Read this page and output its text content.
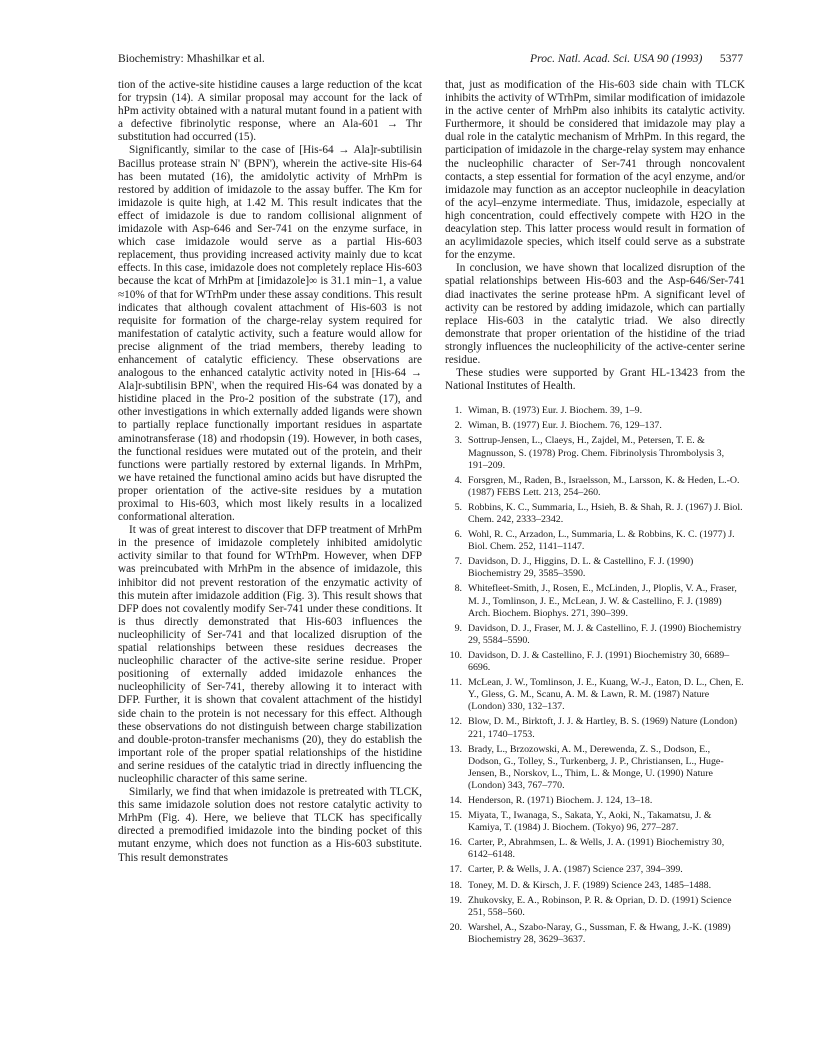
Biochemistry: Mhashilkar et al.	Proc. Natl. Acad. Sci. USA 90 (1993) 5377

tion of the active-site histidine causes a large reduction of the kcat for trypsin (14). A similar proposal may account for the lack of hPm activity obtained with a natural mutant found in a patient with a defective fibrinolytic response, where an Ala-601 → Thr substitution had occurred (15).

Significantly, similar to the case of [His-64 → Ala]r-subtilisin Bacillus protease strain N' (BPN'), wherein the active-site His-64 has been mutated (16), the amidolytic activity of MrhPm is restored by addition of imidazole to the assay buffer. The Km for imidazole is quite high, at 1.42 M. This result indicates that the effect of imidazole is due to random collisional alignment of imidazole with Asp-646 and Ser-741 on the enzyme surface, in which case imidazole would serve as a partial His-603 replacement, thus providing increased activity mainly due to kcat effects. In this case, imidazole does not completely replace His-603 because the kcat of MrhPm at [imidazole]∞ is 31.1 min−1, a value ≈10% of that for WTrhPm under these assay conditions. This result indicates that although covalent attachment of His-603 is not requisite for formation of the charge-relay system required for manifestation of catalytic activity, such a feature would allow for precise alignment of the triad members, thereby leading to enhancement of catalytic efficiency. These observations are analogous to the enhanced catalytic activity noted in [His-64 → Ala]r-subtilisin BPN', when the required His-64 was donated by a histidine placed in the Pro-2 position of the substrate (17), and other investigations in which externally added ligands were shown to partially replace functionally important residues in aspartate aminotransferase (18) and rhodopsin (19). However, in both cases, the functional residues were mutated out of the protein, and their functions were partially restored by external ligands. In MrhPm, we have retained the functional amino acids but have disrupted the proper orientation of the active-site residues by a mutation proximal to His-603, which most likely results in a localized conformational alteration.

It was of great interest to discover that DFP treatment of MrhPm in the presence of imidazole completely inhibited amidolytic activity similar to that found for WTrhPm. However, when DFP was preincubated with MrhPm in the absence of imidazole, this inhibitor did not prevent restoration of the enzymatic activity of this mutein after imidazole addition (Fig. 3). This result shows that DFP does not covalently modify Ser-741 under these conditions. It is thus directly demonstrated that His-603 influences the nucleophilicity of Ser-741 and that localized disruption of the spatial relationships between these residues decreases the nucleophilic character of the active-site serine residue. Proper positioning of externally added imidazole enhances the nucleophilicity of Ser-741, thereby allowing it to interact with DFP. Further, it is shown that covalent attachment of the histidyl side chain to the protein is not necessary for this effect. Although these observations do not distinguish between charge stabilization and double-proton-transfer mechanisms (20), they do establish the important role of the proper spatial relationships of the histidine and serine residues of the catalytic triad in directly influencing the nucleophilic character of this same serine.

Similarly, we find that when imidazole is pretreated with TLCK, this same imidazole solution does not restore catalytic activity to MrhPm (Fig. 4). Here, we believe that TLCK has specifically directed a premodified imidazole into the binding pocket of this mutant enzyme, which does not function as a His-603 substitute. This result demonstrates

that, just as modification of the His-603 side chain with TLCK inhibits the activity of WTrhPm, similar modification of imidazole in the active center of MrhPm also inhibits its catalytic activity. Furthermore, it should be considered that imidazole may play a dual role in the catalytic mechanism of MrhPm. In this regard, the participation of imidazole in the charge-relay system may enhance the nucleophilic character of Ser-741 through noncovalent contacts, a step essential for formation of the acyl enzyme, and/or imidazole may function as an acceptor nucleophile in deacylation of the acyl–enzyme intermediate. Thus, imidazole, especially at high concentration, could effectively compete with H2O in the deacylation step. This latter process would result in formation of an acylimidazole species, which itself could serve as a substrate for the enzyme.

In conclusion, we have shown that localized disruption of the spatial relationships between His-603 and the Asp-646/Ser-741 diad inactivates the serine protease hPm. A significant level of activity can be restored by adding imidazole, which can partially replace His-603 in the catalytic triad. We also directly demonstrate that proper orientation of the histidine of the triad strongly influences the nucleophilicity of the active-center serine residue.

These studies were supported by Grant HL-13423 from the National Institutes of Health.

1. Wiman, B. (1973) Eur. J. Biochem. 39, 1–9.
2. Wiman, B. (1977) Eur. J. Biochem. 76, 129–137.
3. Sottrup-Jensen, L., Claeys, H., Zajdel, M., Petersen, T. E. & Magnusson, S. (1978) Prog. Chem. Fibrinolysis Thrombolysis 3, 191–209.
4. Forsgren, M., Raden, B., Israelsson, M., Larsson, K. & Heden, L.-O. (1987) FEBS Lett. 213, 254–260.
5. Robbins, K. C., Summaria, L., Hsieh, B. & Shah, R. J. (1967) J. Biol. Chem. 242, 2333–2342.
6. Wohl, R. C., Arzadon, L., Summaria, L. & Robbins, K. C. (1977) J. Biol. Chem. 252, 1141–1147.
7. Davidson, D. J., Higgins, D. L. & Castellino, F. J. (1990) Biochemistry 29, 3585–3590.
8. Whitefleet-Smith, J., Rosen, E., McLinden, J., Ploplis, V. A., Fraser, M. J., Tomlinson, J. E., McLean, J. W. & Castellino, F. J. (1989) Arch. Biochem. Biophys. 271, 390–399.
9. Davidson, D. J., Fraser, M. J. & Castellino, F. J. (1990) Biochemistry 29, 5584–5590.
10. Davidson, D. J. & Castellino, F. J. (1991) Biochemistry 30, 6689–6696.
11. McLean, J. W., Tomlinson, J. E., Kuang, W.-J., Eaton, D. L., Chen, E. Y., Gless, G. M., Scanu, A. M. & Lawn, R. M. (1987) Nature (London) 330, 132–137.
12. Blow, D. M., Birktoft, J. J. & Hartley, B. S. (1969) Nature (London) 221, 1740–1753.
13. Brady, L., Brzozowski, A. M., Derewenda, Z. S., Dodson, E., Dodson, G., Tolley, S., Turkenberg, J. P., Christiansen, L., Huge-Jensen, B., Norskov, L., Thim, L. & Monge, U. (1990) Nature (London) 343, 767–770.
14. Henderson, R. (1971) Biochem. J. 124, 13–18.
15. Miyata, T., Iwanaga, S., Sakata, Y., Aoki, N., Takamatsu, J. & Kamiya, T. (1984) J. Biochem. (Tokyo) 96, 277–287.
16. Carter, P., Abrahmsen, L. & Wells, J. A. (1991) Biochemistry 30, 6142–6148.
17. Carter, P. & Wells, J. A. (1987) Science 237, 394–399.
18. Toney, M. D. & Kirsch, J. F. (1989) Science 243, 1485–1488.
19. Zhukovsky, E. A., Robinson, P. R. & Oprian, D. D. (1991) Science 251, 558–560.
20. Warshel, A., Szabo-Naray, G., Sussman, F. & Hwang, J.-K. (1989) Biochemistry 28, 3629–3637.
